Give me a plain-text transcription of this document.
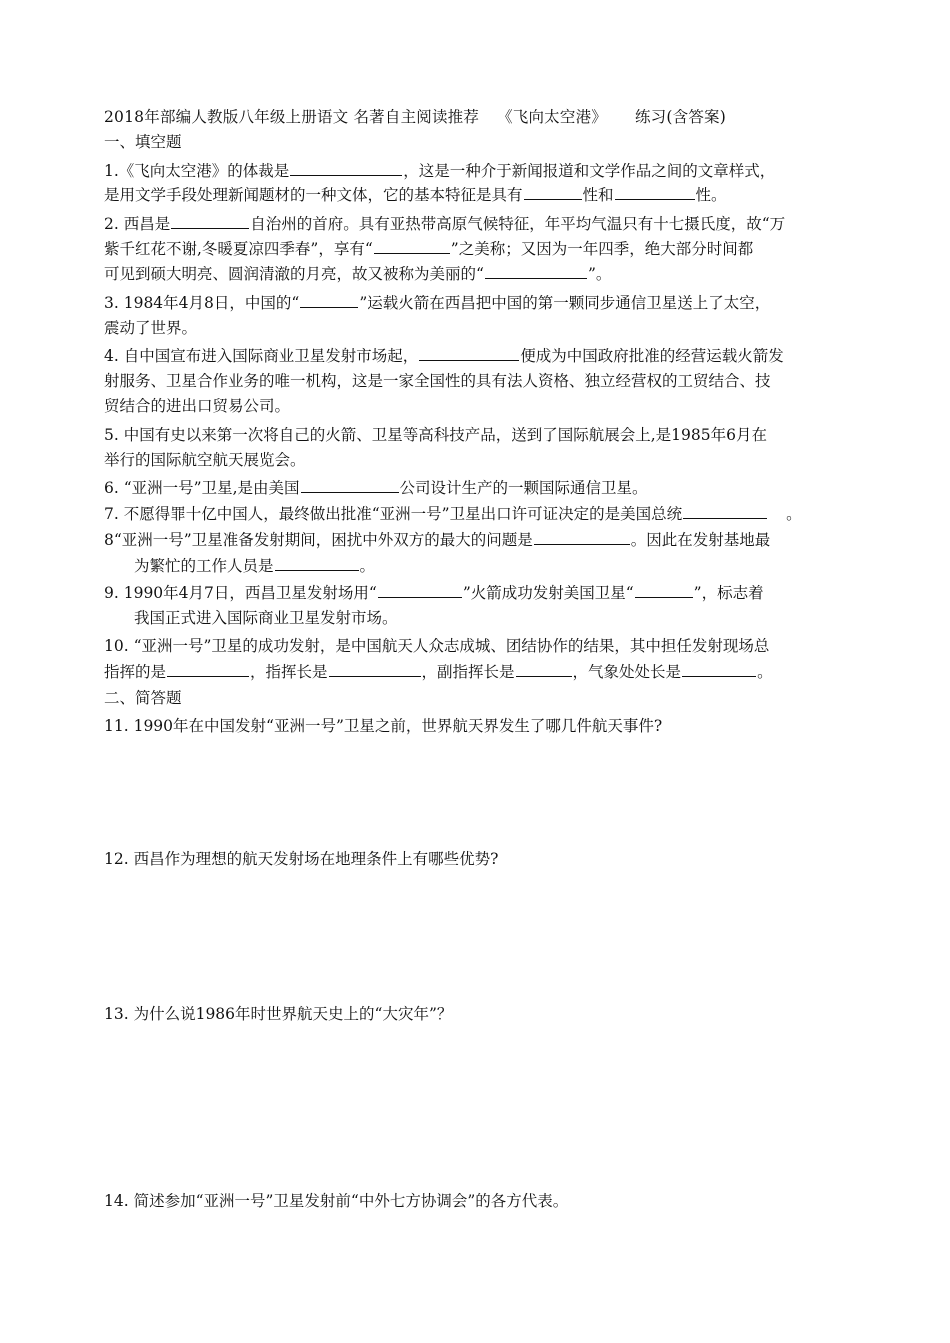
2018年部编人教版八年级上册语文 名著自主阅读推荐 《飞向太空港》 练习(含答案)
一、填空题
1.《飞向太空港》的体裁是	，这是一种介于新闻报道和文学作品之间的文章样式，
是用文学手段处理新闻题材的一种文体，它的基本特征是具有	性和	性。
2. 西昌是	自治州的首府。具有亚热带高原气候特征，年平均气温只有十七摄氏度，故“万
紫千红花不谢,冬暖夏凉四季春”，享有“	”之美称；又因为一年四季，绝大部分时间都
可见到硕大明亮、圆润清澈的月亮，故又被称为美丽的“	”。
3. 1984年4月8日，中国的“	”运载火箭在西昌把中国的第一颗同步通信卫星送上了太空，
震动了世界。
4. 自中国宣布进入国际商业卫星发射市场起，	便成为中国政府批准的经营运载火箭发
射服务、卫星合作业务的唯一机构，这是一家全国性的具有法人资格、独立经营权的工贸结合、技
贸结合的进出口贸易公司。
5. 中国有史以来第一次将自己的火箭、卫星等高科技产品，送到了国际航展会上,是1985年6月在
举行的国际航空航天展览会。
6. “亚洲一号”卫星,是由美国	公司设计生产的一颗国际通信卫星。
7. 不愿得罪十亿中国人，最终做出批准“亚洲一号”卫星出口许可证决定的是美国总统	。
8“亚洲一号”卫星准备发射期间，困扰中外双方的最大的问题是	。因此在发射基地最
为繁忙的工作人员是	。
9. 1990年4月7日，西昌卫星发射场用“	”火箭成功发射美国卫星“	”，标志着
我国正式进入国际商业卫星发射市场。
10. “亚洲一号”卫星的成功发射，是中国航天人众志成城、团结协作的结果，其中担任发射现场总
指挥的是	，指挥长是	，副指挥长是	，气象处处长是	。
二、简答题
11. 1990年在中国发射“亚洲一号”卫星之前，世界航天界发生了哪几件航天事件?
12. 西昌作为理想的航天发射场在地理条件上有哪些优势?
13. 为什么说1986年时世界航天史上的“大灾年”？
14. 简述参加“亚洲一号”卫星发射前“中外七方协调会”的各方代表。
